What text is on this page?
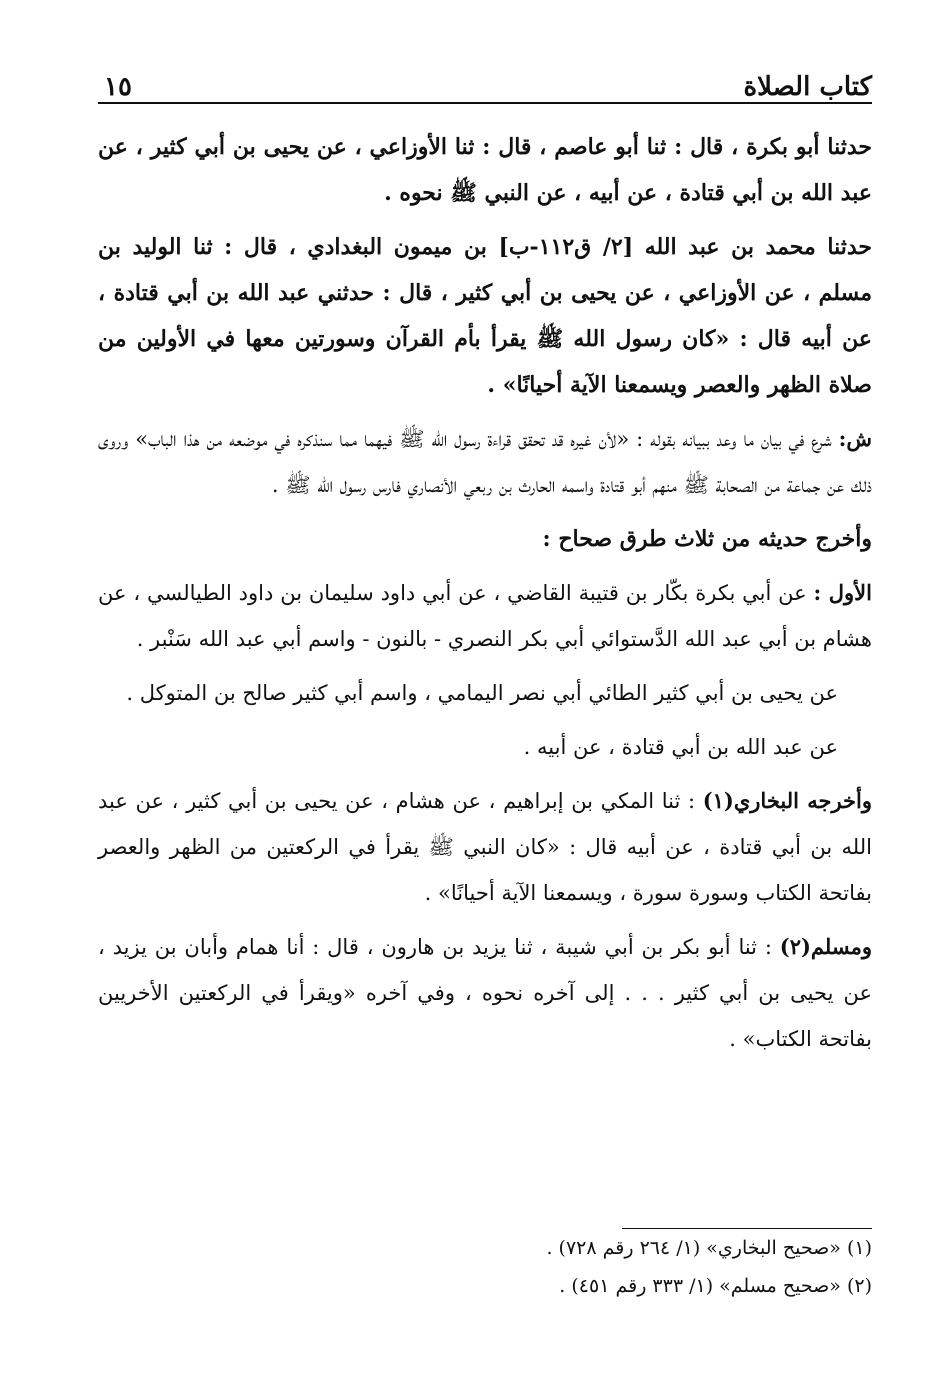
كتاب الصلاة
١٥

حدثنا أبو بكرة ، قال : ثنا أبو عاصم ، قال : ثنا الأوزاعي ، عن يحيى بن أبي كثير ، عن عبد الله بن أبي قتادة ، عن أبيه ، عن النبي ﷺ نحوه .

حدثنا محمد بن عبد الله [٢/ ق١١٢-ب] بن ميمون البغدادي ، قال : ثنا الوليد بن مسلم ، عن الأوزاعي ، عن يحيى بن أبي كثير ، قال : حدثني عبد الله بن أبي قتادة ، عن أبيه قال : «كان رسول الله ﷺ يقرأ بأم القرآن وسورتين معها في الأولين من صلاة الظهر والعصر ويسمعنا الآية أحيانًا» .

ش: شرع في بيان ما وعد ببيانه بقوله : «لأن غيره قد تحقق قراءة رسول الله ﷺ فيهما مما سنذكره في موضعه من هذا الباب» وروى ذلك عن جماعة من الصحابة ﷺ منهم أبو قتادة واسمه الحارث بن ربعي الأنصاري فارس رسول الله ﷺ .

وأخرج حديثه من ثلاث طرق صحاح :

الأول : عن أبي بكرة بكّار بن قتيبة القاضي ، عن أبي داود سليمان بن داود الطيالسي ، عن هشام بن أبي عبد الله الدَّستوائي أبي بكر النصري - بالنون - واسم أبي عبد الله سَنْبر .

عن يحيى بن أبي كثير الطائي أبي نصر اليمامي ، واسم أبي كثير صالح بن المتوكل .

عن عبد الله بن أبي قتادة ، عن أبيه .

وأخرجه البخاري(١) : ثنا المكي بن إبراهيم ، عن هشام ، عن يحيى بن أبي كثير ، عن عبد الله بن أبي قتادة ، عن أبيه قال : «كان النبي ﷺ يقرأ في الركعتين من الظهر والعصر بفاتحة الكتاب وسورة سورة ، ويسمعنا الآية أحيانًا» .

ومسلم(٢) : ثنا أبو بكر بن أبي شيبة ، ثنا يزيد بن هارون ، قال : أنا همام وأبان بن يزيد ، عن يحيى بن أبي كثير . . . إلى آخره نحوه ، وفي آخره «ويقرأ في الركعتين الأخريين بفاتحة الكتاب» .

(١) «صحيح البخاري» (١/ ٢٦٤ رقم ٧٢٨) .

(٢) «صحيح مسلم» (١/ ٣٣٣ رقم ٤٥١) .
